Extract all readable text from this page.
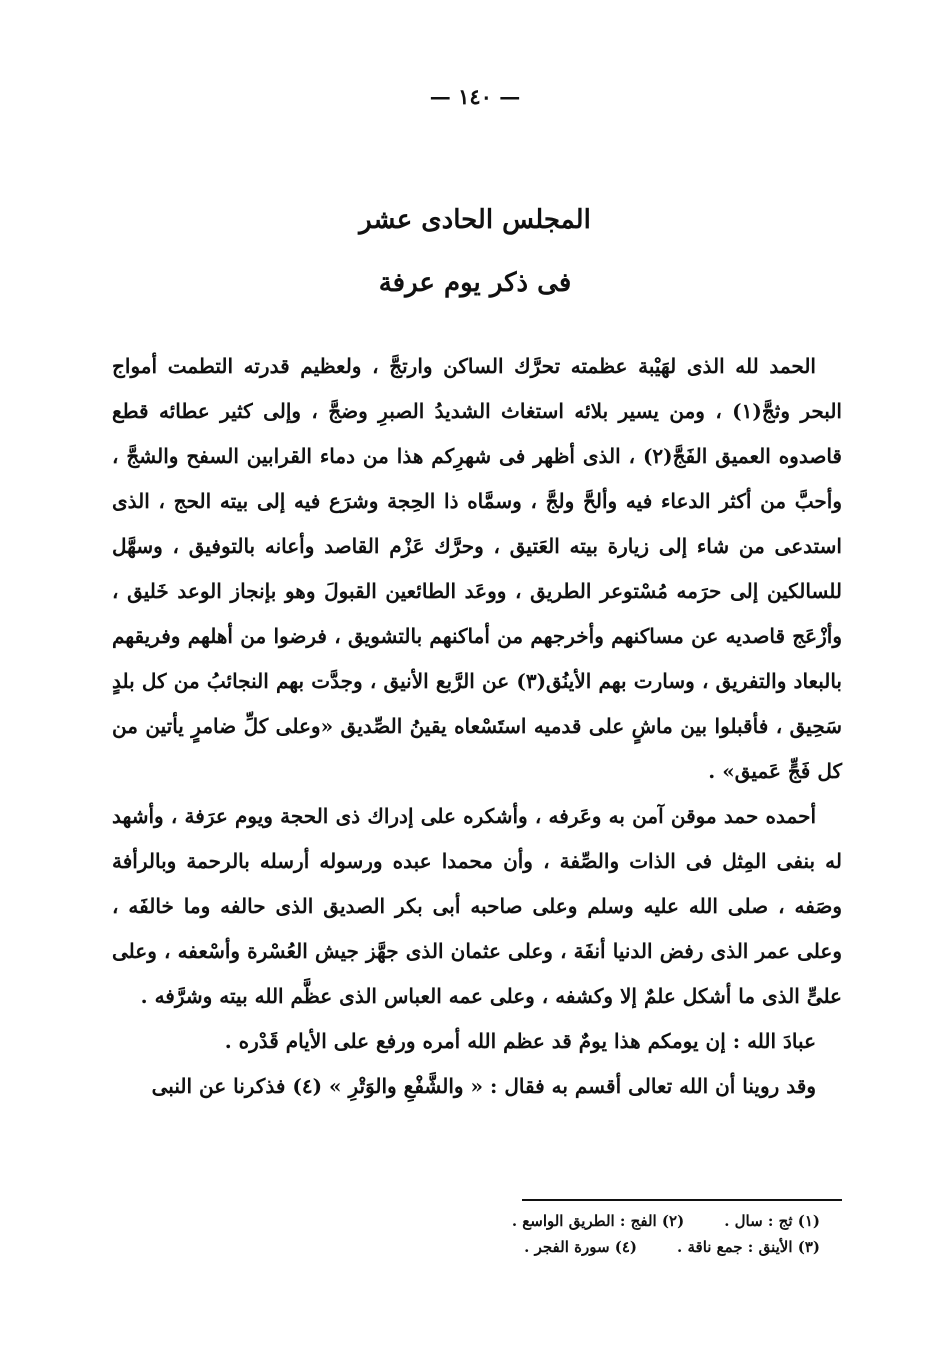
— ١٤٠ —
المجلس الحادى عشر
فى ذكر يوم عرفة

الحمد لله الذى لهَيْبة عظمته تحرَّك الساكن وارتجَّ ، ولعظيم قدرته التطمت أمواج البحر وثجَّ(١) ، ومن يسير بلائه استغاث الشديدُ الصبرِ وضجَّ ، وإلى كثير عطائه قطع قاصدوه العميق الفَجَّ(٢) ، الذى أظهر فى شهرِكم هذا من دماء القرابين السفح والشجَّ ، وأحبَّ من أكثر الدعاء فيه وألحَّ ولجَّ ، وسمَّاه ذا الحِجة وشرَع فيه إلى بيته الحج ، الذى استدعى من شاء إلى زيارة بيته العَتيق ، وحرَّك عَزْم القاصد وأعانه بالتوفيق ، وسهَّل للسالكين إلى حرَمه مُسْتوعر الطريق ، ووعَد الطائعين القبولَ وهو بإنجاز الوعد خَليق ، وأزْعَج قاصديه عن مساكنهم وأخرجهم من أماكنهم بالتشويق ، فرضوا من أهلهم وفريقهم بالبعاد والتفريق ، وسارت بهم الأينُق(٣) عن الرَّبع الأنيق ، وجدَّت بهم النجائبُ من كل بلدٍ سَحِيق ، فأقبلوا بين ماشٍ على قدميه استَسْعاه يقينُ الصِّديق «وعلى كلِّ ضامرٍ يأتين من كل فَجٍّ عَميق» .

أحمده حمد موقن آمن به وعَرفه ، وأشكره على إدراك ذى الحجة ويوم عرَفة ، وأشهد له بنفى المِثل فى الذات والصِّفة ، وأن محمدا عبده ورسوله أرسله بالرحمة وبالرأفة وصَفه ، صلى الله عليه وسلم وعلى صاحبه أبى بكر الصديق الذى حالفه وما خالفَه ، وعلى عمر الذى رفض الدنيا أنفَة ، وعلى عثمان الذى جهَّز جيش العُسْرة وأسْعفه ، وعلى علىٍّ الذى ما أشكل علمٌ إلا وكشفه ، وعلى عمه العباس الذى عظَّم الله بيته وشرَّفه .

عبادَ الله : إن يومكم هذا يومٌ قد عظم الله أمره ورفع على الأيام قَدْره .

وقد روينا أن الله تعالى أقسم به فقال : « والشَّفْعِ والوَتْرِ » (٤) فذكرنا عن النبى

(١) ثج : سال .
(٢) الفج : الطريق الواسع .
(٣) الأينق : جمع ناقة .
(٤) سورة الفجر .
